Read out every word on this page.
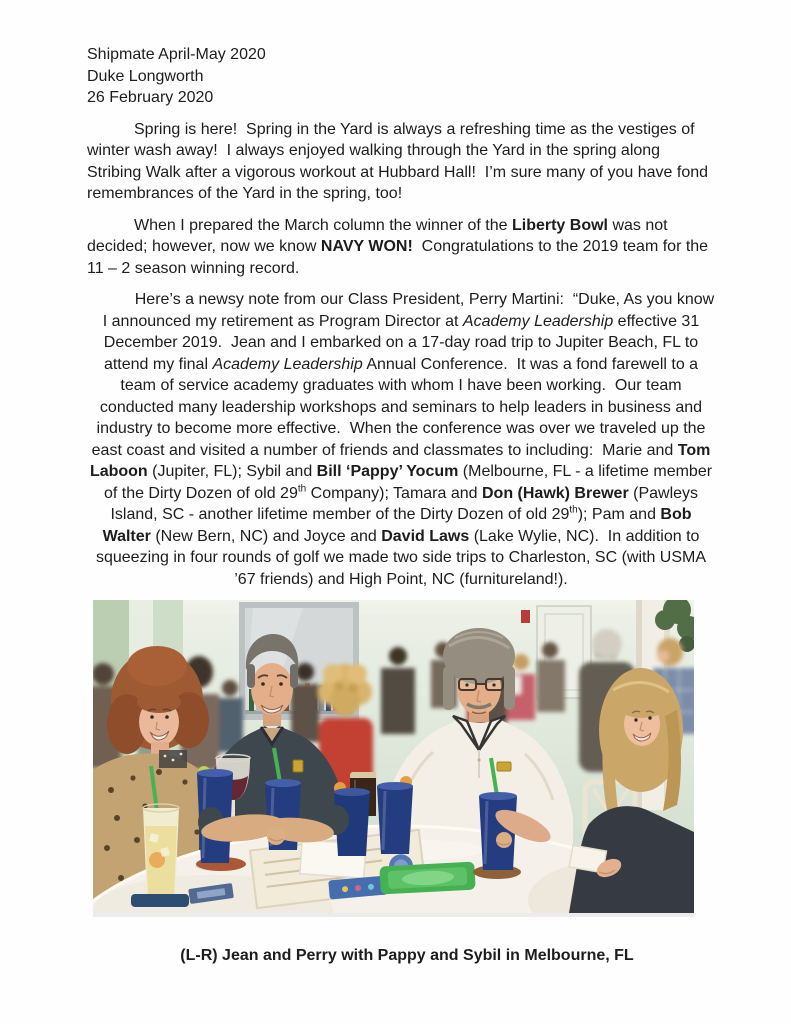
Shipmate April-May 2020
Duke Longworth
26 February 2020

Spring is here!  Spring in the Yard is always a refreshing time as the vestiges of winter wash away!  I always enjoyed walking through the Yard in the spring along Stribing Walk after a vigorous workout at Hubbard Hall!  I’m sure many of you have fond remembrances of the Yard in the spring, too!

When I prepared the March column the winner of the Liberty Bowl was not decided; however, now we know NAVY WON!  Congratulations to the 2019 team for the 11 – 2 season winning record.

Here’s a newsy note from our Class President, Perry Martini:  “Duke, As you know I announced my retirement as Program Director at Academy Leadership effective 31 December 2019.  Jean and I embarked on a 17-day road trip to Jupiter Beach, FL to attend my final Academy Leadership Annual Conference.  It was a fond farewell to a team of service academy graduates with whom I have been working.  Our team conducted many leadership workshops and seminars to help leaders in business and industry to become more effective.  When the conference was over we traveled up the east coast and visited a number of friends and classmates to including:  Marie and Tom Laboon (Jupiter, FL); Sybil and Bill ‘Pappy’ Yocum (Melbourne, FL - a lifetime member of the Dirty Dozen of old 29th Company); Tamara and Don (Hawk) Brewer (Pawleys Island, SC - another lifetime member of the Dirty Dozen of old 29th); Pam and Bob Walter (New Bern, NC) and Joyce and David Laws (Lake Wylie, NC).  In addition to squeezing in four rounds of golf we made two side trips to Charleston, SC (with USMA ’67 friends) and High Point, NC (furnitureland!).

(L-R) Jean and Perry with Pappy and Sybil in Melbourne, FL
